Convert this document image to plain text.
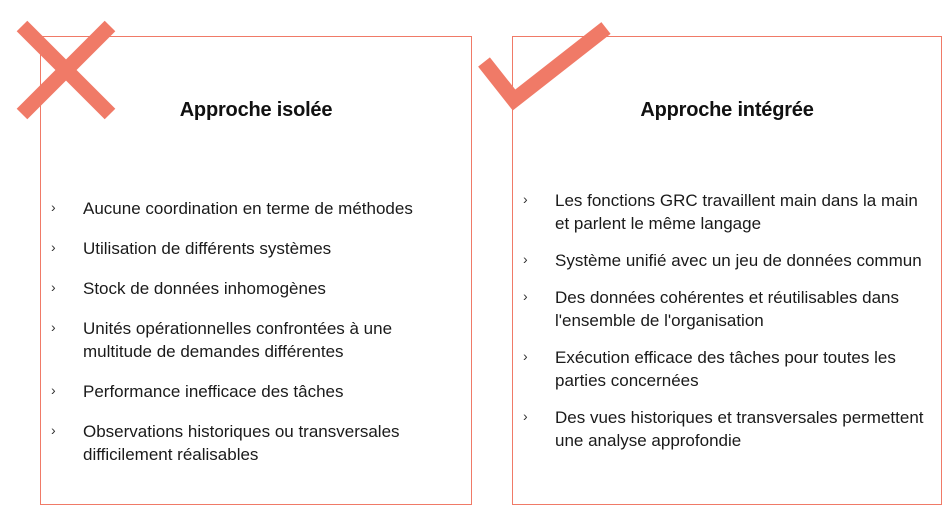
Approche isolée
› Aucune coordination en terme de méthodes
› Utilisation de différents systèmes
› Stock de données inhomogènes
› Unités opérationnelles confrontées à une multitude de demandes différentes
› Performance inefficace des tâches
› Observations historiques ou transversales difficilement réalisables
Approche intégrée
› Les fonctions GRC travaillent main dans la main et parlent le même langage
› Système unifié avec un jeu de données commun
› Des données cohérentes et réutilisables dans l'ensemble de l'organisation
› Exécution efficace des tâches pour toutes les parties concernées
› Des vues historiques et transversales permettent une analyse approfondie
